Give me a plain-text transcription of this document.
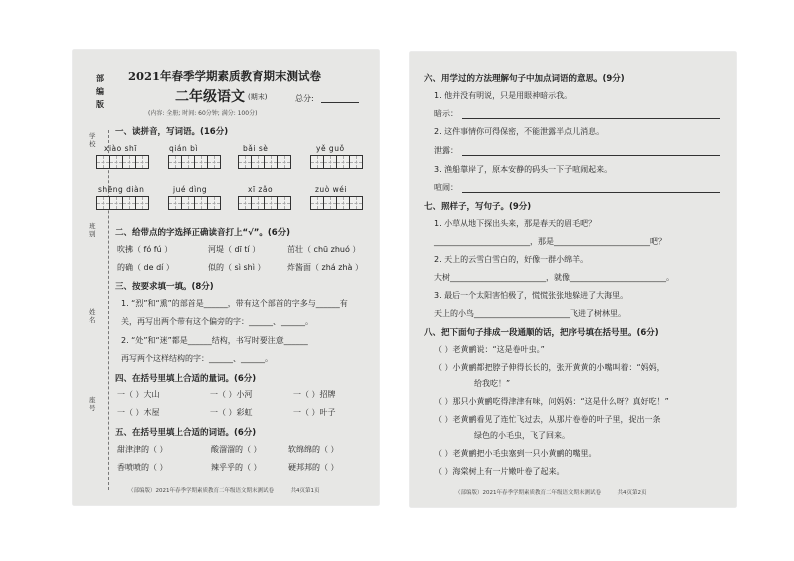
部
编
版
学校
班别
姓名
座号
2021年春季学期素质教育期末测试卷
二年级语文 (期末)	总分:
(内容: 全册; 时间: 60分钟; 满分: 100分)
一、读拼音，写词语。(16分)
xiào shī	qián bì	bǎi sè	yě guǒ
shēng diàn	jué dìng	xī zǎo	zuò wéi
二、给带点的字选择正确读音打上“√”。(6分)
吹拂（ fó fú ）	河堤（ dī tí ）	茁壮（ chū zhuó ）
的确（ de dí ）	似的（ sì shì ）	炸酱面（ zhá zhà ）
三、按要求填一填。(8分)
1. “烈”和“熏”的部首是______，带有这个部首的字多与______有
关，再写出两个带有这个偏旁的字：______、______。
2. “处”和“迷”都是______结构，书写时要注意______
再写两个这样结构的字：______、______。
四、在括号里填上合适的量词。(6分)
一（ ）大山	一（ ）小河	一（ ）招牌
一（ ）木屋	一（ ）彩虹	一（ ）叶子
五、在括号里填上合适的词语。(6分)
甜津津的（ ）	酸溜溜的（ ）	软绵绵的（ ）
香喷喷的（ ）	辣乎乎的（ ）	硬邦邦的（ ）
（部编版）2021年春季学期素质教育二年级语文期末测试卷　　　共4页第1页
六、用学过的方法理解句子中加点词语的意思。(9分)
1. 他并没有明说，只是用眼神暗示我。
暗示：
2. 这件事情你可得保密，不能泄露半点儿消息。
泄露：
3. 渔船靠岸了，原本安静的码头一下子喧闹起来。
喧闹：
七、照样子，写句子。(9分)
1. 小草从地下探出头来，那是春天的眉毛吧？
________________________，那是________________________吧？
2. 天上的云雪白雪白的，好像一群小绵羊。
大树________________________，就像________________________。
3. 最后一个太阳害怕极了，慌慌张张地躲进了大海里。
天上的小鸟________________________飞进了树林里。
八、把下面句子排成一段通顺的话，把序号填在括号里。(6分)
（ ）老黄鹂说：“这是卷叶虫。”
（ ）小黄鹂都把脖子伸得长长的，张开黄黄的小嘴叫着：“妈妈，
　　　　　给我吃！”
（ ）那只小黄鹂吃得津津有味，问妈妈：“这是什么呀？真好吃！”
（ ）老黄鹂看见了连忙飞过去，从那片卷卷的叶子里，捉出一条
　　　　　绿色的小毛虫，飞了回来。
（ ）老黄鹂把小毛虫塞到一只小黄鹂的嘴里。
（ ）海棠树上有一片嫩叶卷了起来。
（部编版）2021年春季学期素质教育二年级语文期末测试卷　　　共4页第2页
